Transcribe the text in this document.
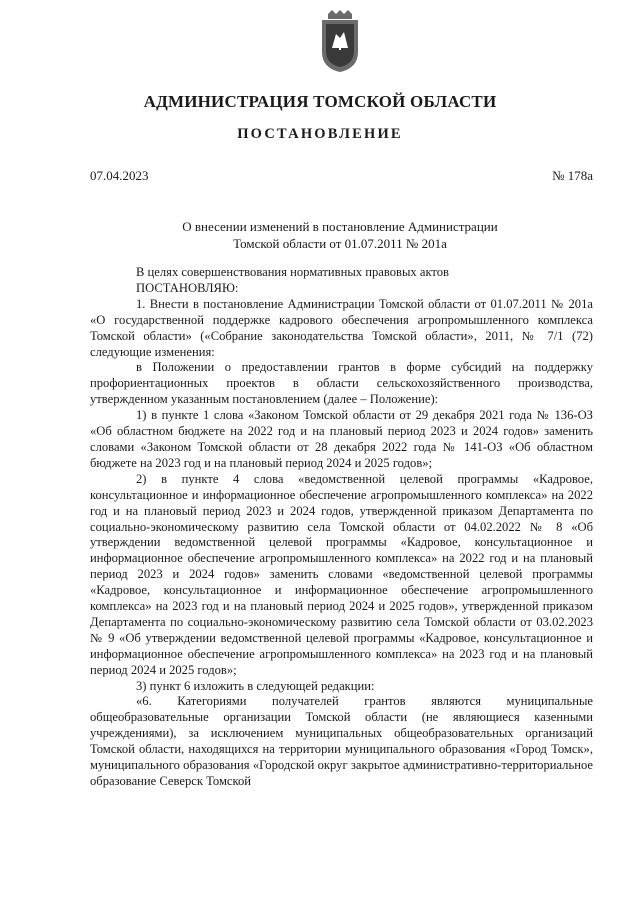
АДМИНИСТРАЦИЯ ТОМСКОЙ ОБЛАСТИ
ПОСТАНОВЛЕНИЕ
07.04.2023	№ 178а
О внесении изменений в постановление Администрации
Томской области от 01.07.2011 № 201а

В целях совершенствования нормативных правовых актов

ПОСТАНОВЛЯЮ:

1. Внести в постановление Администрации Томской области от 01.07.2011 № 201а «О государственной поддержке кадрового обеспечения агропромышленного комплекса Томской области» («Собрание законодательства Томской области», 2011, № 7/1 (72) следующие изменения:

в Положении о предоставлении грантов в форме субсидий на поддержку профориентационных проектов в области сельскохозяйственного производства, утвержденном указанным постановлением (далее – Положение):

1) в пункте 1 слова «Законом Томской области от 29 декабря 2021 года № 136-ОЗ «Об областном бюджете на 2022 год и на плановый период 2023 и 2024 годов» заменить словами «Законом Томской области от 28 декабря 2022 года № 141-ОЗ «Об областном бюджете на 2023 год и на плановый период 2024 и 2025 годов»;

2) в пункте 4 слова «ведомственной целевой программы «Кадровое, консультационное и информационное обеспечение агропромышленного комплекса» на 2022 год и на плановый период 2023 и 2024 годов, утвержденной приказом Департамента по социально-экономическому развитию села Томской области от 04.02.2022 № 8 «Об утверждении ведомственной целевой программы «Кадровое, консультационное и информационное обеспечение агропромышленного комплекса» на 2022 год и на плановый период 2023 и 2024 годов» заменить словами «ведомственной целевой программы «Кадровое, консультационное и информационное обеспечение агропромышленного комплекса» на 2023 год и на плановый период 2024 и 2025 годов», утвержденной приказом Департамента по социально-экономическому развитию села Томской области от 03.02.2023 № 9 «Об утверждении ведомственной целевой программы «Кадровое, консультационное и информационное обеспечение агропромышленного комплекса» на 2023 год и на плановый период 2024 и 2025 годов»;

3) пункт 6 изложить в следующей редакции:

«6. Категориями получателей грантов являются муниципальные общеобразовательные организации Томской области (не являющиеся казенными учреждениями), за исключением муниципальных общеобразовательных организаций Томской области, находящихся на территории муниципального образования «Город Томск», муниципального образования «Городской округ закрытое административно-территориальное образование Северск Томской
